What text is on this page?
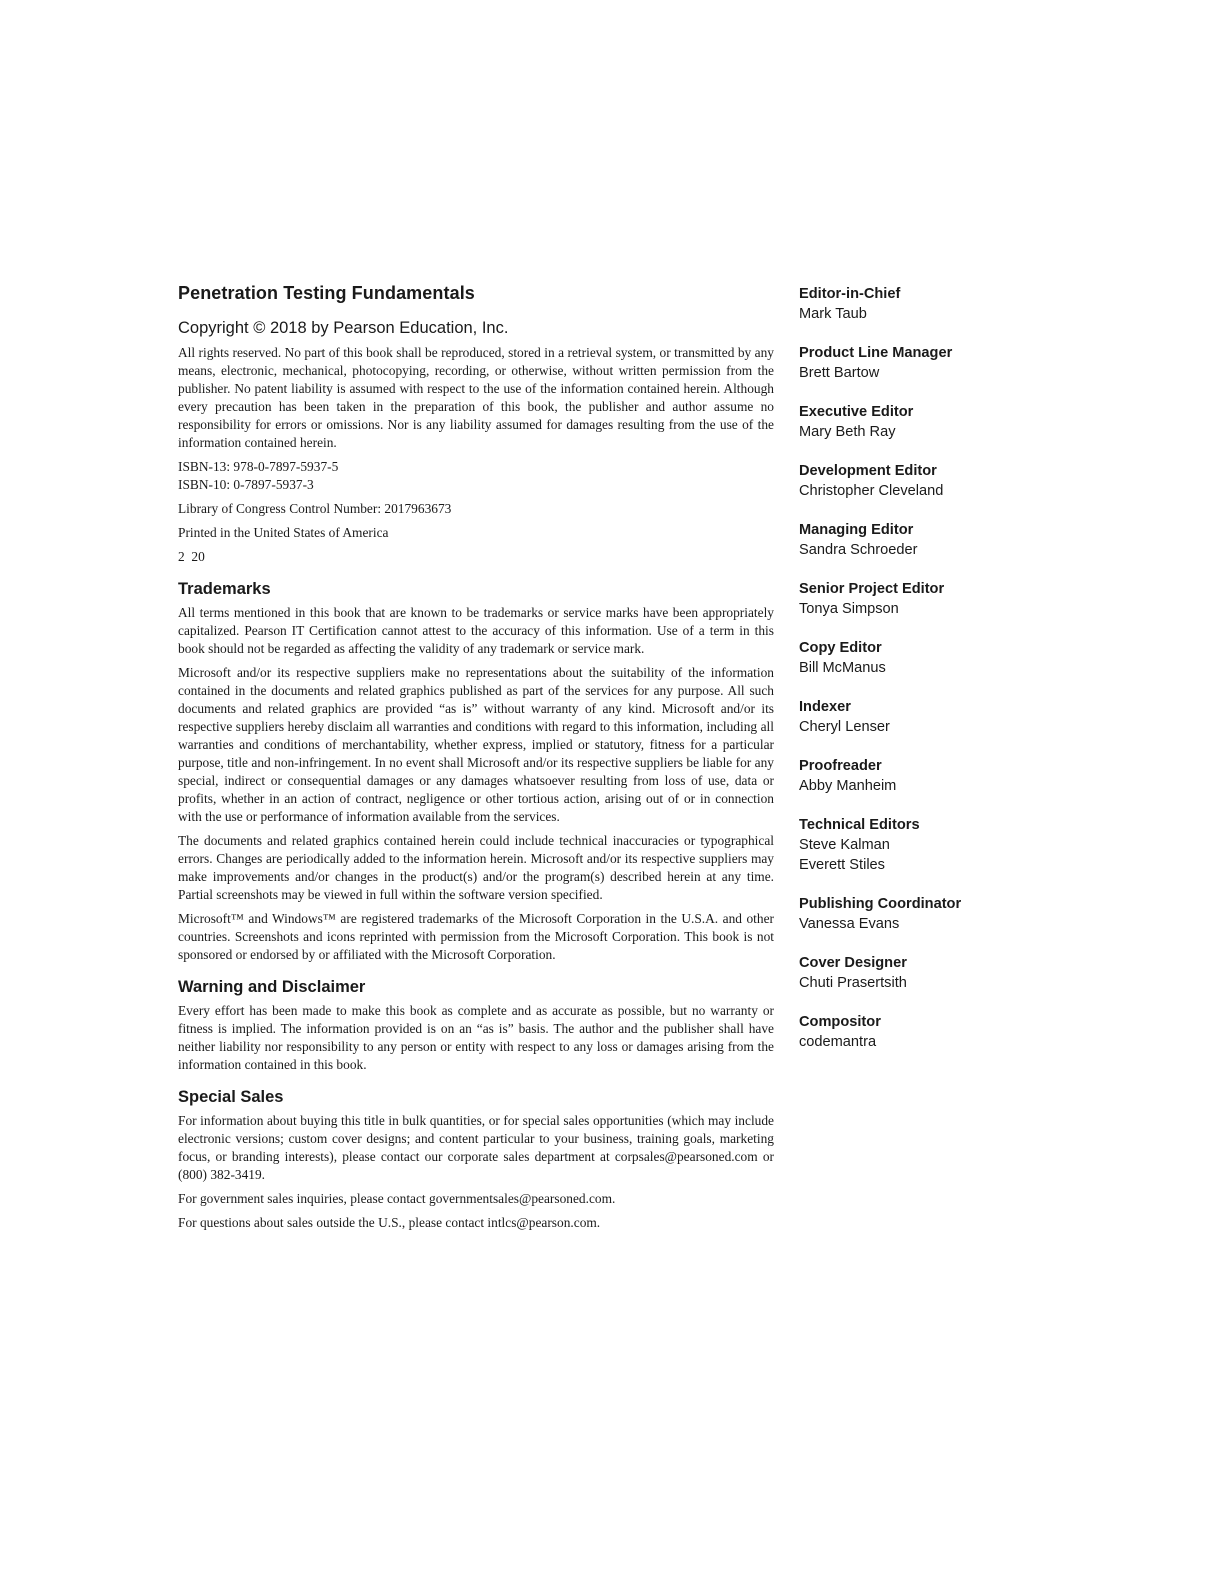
Penetration Testing Fundamentals

Copyright © 2018 by Pearson Education, Inc.

All rights reserved. No part of this book shall be reproduced, stored in a retrieval system, or transmitted by any means, electronic, mechanical, photocopying, recording, or otherwise, without written permission from the publisher. No patent liability is assumed with respect to the use of the information contained herein. Although every precaution has been taken in the preparation of this book, the publisher and author assume no responsibility for errors or omissions. Nor is any liability assumed for damages resulting from the use of the information contained herein.

ISBN-13: 978-0-7897-5937-5

ISBN-10: 0-7897-5937-3

Library of Congress Control Number: 2017963673

Printed in the United States of America

2  20

Trademarks

All terms mentioned in this book that are known to be trademarks or service marks have been appropriately capitalized. Pearson IT Certification cannot attest to the accuracy of this information. Use of a term in this book should not be regarded as affecting the validity of any trademark or service mark.

Microsoft and/or its respective suppliers make no representations about the suitability of the information contained in the documents and related graphics published as part of the services for any purpose. All such documents and related graphics are provided “as is” without warranty of any kind. Microsoft and/or its respective suppliers hereby disclaim all warranties and conditions with regard to this information, including all warranties and conditions of merchantability, whether express, implied or statutory, fitness for a particular purpose, title and non-infringement. In no event shall Microsoft and/or its respective suppliers be liable for any special, indirect or consequential damages or any damages whatsoever resulting from loss of use, data or profits, whether in an action of contract, negligence or other tortious action, arising out of or in connection with the use or performance of information available from the services.

The documents and related graphics contained herein could include technical inaccuracies or typographical errors. Changes are periodically added to the information herein. Microsoft and/or its respective suppliers may make improvements and/or changes in the product(s) and/or the program(s) described herein at any time. Partial screenshots may be viewed in full within the software version specified.

Microsoft™ and Windows™ are registered trademarks of the Microsoft Corporation in the U.S.A. and other countries. Screenshots and icons reprinted with permission from the Microsoft Corporation. This book is not sponsored or endorsed by or affiliated with the Microsoft Corporation.

Warning and Disclaimer

Every effort has been made to make this book as complete and as accurate as possible, but no warranty or fitness is implied. The information provided is on an “as is” basis. The author and the publisher shall have neither liability nor responsibility to any person or entity with respect to any loss or damages arising from the information contained in this book.

Special Sales

For information about buying this title in bulk quantities, or for special sales opportunities (which may include electronic versions; custom cover designs; and content particular to your business, training goals, marketing focus, or branding interests), please contact our corporate sales department at corpsales@pearsoned.com or (800) 382-3419.

For government sales inquiries, please contact governmentsales@pearsoned.com.

For questions about sales outside the U.S., please contact intlcs@pearson.com.

Editor-in-Chief

Mark Taub

Product Line Manager

Brett Bartow

Executive Editor

Mary Beth Ray

Development Editor

Christopher Cleveland

Managing Editor

Sandra Schroeder

Senior Project Editor

Tonya Simpson

Copy Editor

Bill McManus

Indexer

Cheryl Lenser

Proofreader

Abby Manheim

Technical Editors

Steve Kalman

Everett Stiles

Publishing Coordinator

Vanessa Evans

Cover Designer

Chuti Prasertsith

Compositor

codemantra
